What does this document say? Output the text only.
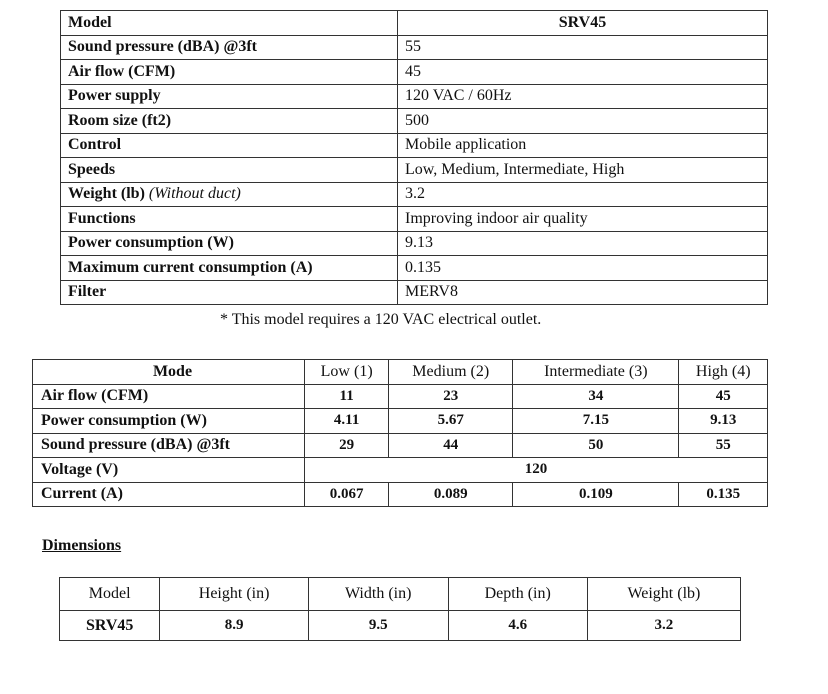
Model	SRV45
Sound pressure (dBA) @3ft	55
Air flow (CFM)	45
Power supply	120 VAC / 60Hz
Room size (ft2)	500
Control	Mobile application
Speeds	Low, Medium, Intermediate, High
Weight (lb) (Without duct)	3.2
Functions	Improving indoor air quality
Power consumption (W)	9.13
Maximum current consumption (A)	0.135
Filter	MERV8
* This model requires a 120 VAC electrical outlet.
Mode	Low (1)	Medium (2)	Intermediate (3)	High (4)
Air flow (CFM)	11	23	34	45
Power consumption (W)	4.11	5.67	7.15	9.13
Sound pressure (dBA) @3ft	29	44	50	55
Voltage (V)	120			
Current (A)	0.067	0.089	0.109	0.135
Dimensions
Model	Height (in)	Width (in)	Depth (in)	Weight (lb)
SRV45	8.9	9.5	4.6	3.2
